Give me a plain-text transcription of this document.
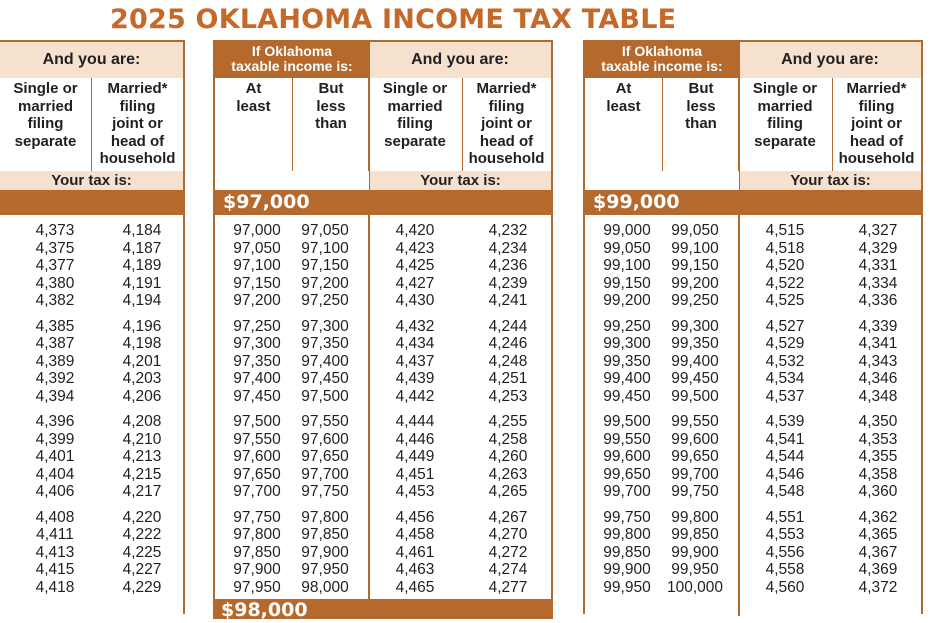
2025 OKLAHOMA INCOME TAX TABLE
And you are:
Single or
married
filing
separate
Married*
filing
joint or
head of
household
Your tax is:
4,373	4,184
4,375	4,187
4,377	4,189
4,380	4,191
4,382	4,194
4,385	4,196
4,387	4,198
4,389	4,201
4,392	4,203
4,394	4,206
4,396	4,208
4,399	4,210
4,401	4,213
4,404	4,215
4,406	4,217
4,408	4,220
4,411	4,222
4,413	4,225
4,415	4,227
4,418	4,229
If Oklahoma
taxable income is:	And you are:
At
least
But
less
than
Single or
married
filing
separate
Married*
filing
joint or
head of
household
Your tax is:
$97,000
97,000	97,050	4,420	4,232
97,050	97,100	4,423	4,234
97,100	97,150	4,425	4,236
97,150	97,200	4,427	4,239
97,200	97,250	4,430	4,241
97,250	97,300	4,432	4,244
97,300	97,350	4,434	4,246
97,350	97,400	4,437	4,248
97,400	97,450	4,439	4,251
97,450	97,500	4,442	4,253
97,500	97,550	4,444	4,255
97,550	97,600	4,446	4,258
97,600	97,650	4,449	4,260
97,650	97,700	4,451	4,263
97,700	97,750	4,453	4,265
97,750	97,800	4,456	4,267
97,800	97,850	4,458	4,270
97,850	97,900	4,461	4,272
97,900	97,950	4,463	4,274
97,950	98,000	4,465	4,277
$98,000
If Oklahoma
taxable income is:	And you are:
At
least
But
less
than
Single or
married
filing
separate
Married*
filing
joint or
head of
household
Your tax is:
$99,000
99,000	99,050	4,515	4,327
99,050	99,100	4,518	4,329
99,100	99,150	4,520	4,331
99,150	99,200	4,522	4,334
99,200	99,250	4,525	4,336
99,250	99,300	4,527	4,339
99,300	99,350	4,529	4,341
99,350	99,400	4,532	4,343
99,400	99,450	4,534	4,346
99,450	99,500	4,537	4,348
99,500	99,550	4,539	4,350
99,550	99,600	4,541	4,353
99,600	99,650	4,544	4,355
99,650	99,700	4,546	4,358
99,700	99,750	4,548	4,360
99,750	99,800	4,551	4,362
99,800	99,850	4,553	4,365
99,850	99,900	4,556	4,367
99,900	99,950	4,558	4,369
99,950	100,000	4,560	4,372
